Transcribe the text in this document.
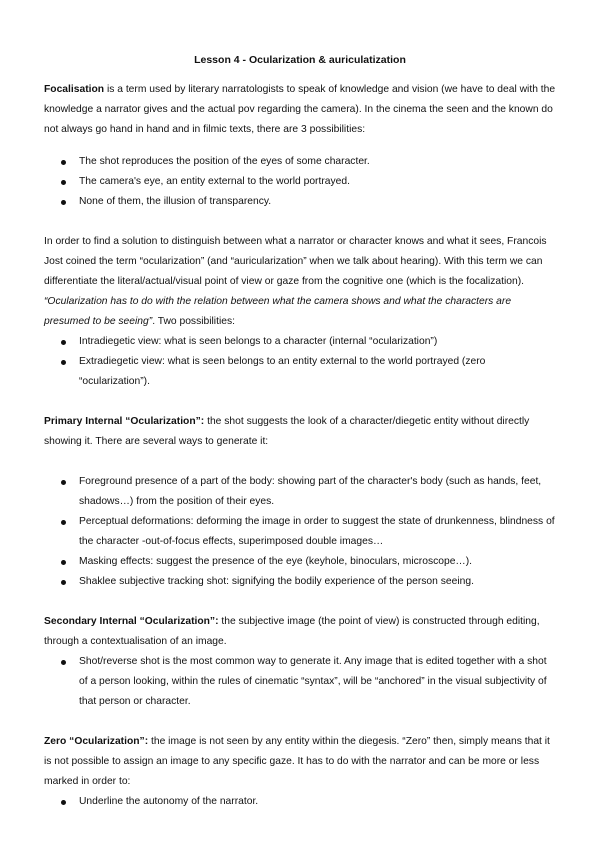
Lesson 4 - Ocularization & auriculatization

Focalisation is a term used by literary narratologists to speak of knowledge and vision (we have to deal with the knowledge a narrator gives and the actual pov regarding the camera). In the cinema the seen and the known do not always go hand in hand and in filmic texts, there are 3 possibilities:

The shot reproduces the position of the eyes of some character.
The camera's eye, an entity external to the world portrayed.
None of them, the illusion of transparency.

In order to find a solution to distinguish between what a narrator or character knows and what it sees, Francois Jost coined the term “ocularization” (and “auricularization” when we talk about hearing). With this term we can differentiate the literal/actual/visual point of view or gaze from the cognitive one (which is the focalization). “Ocularization has to do with the relation between what the camera shows and what the characters are presumed to be seeing”. Two possibilities:

Intradiegetic view: what is seen belongs to a character (internal “ocularization”)
Extradiegetic view: what is seen belongs to an entity external to the world portrayed (zero “ocularization”).

Primary Internal “Ocularization”: the shot suggests the look of a character/diegetic entity without directly showing it. There are several ways to generate it:

Foreground presence of a part of the body: showing part of the character's body (such as hands, feet, shadows…) from the position of their eyes.
Perceptual deformations: deforming the image in order to suggest the state of drunkenness, blindness of the character -out-of-focus effects, superimposed double images…
Masking effects: suggest the presence of the eye (keyhole, binoculars, microscope…).
Shaklee subjective tracking shot: signifying the bodily experience of the person seeing.

Secondary Internal “Ocularization”: the subjective image (the point of view) is constructed through editing, through a contextualisation of an image.

Shot/reverse shot is the most common way to generate it. Any image that is edited together with a shot of a person looking, within the rules of cinematic “syntax”, will be “anchored” in the visual subjectivity of that person or character.

Zero “Ocularization”: the image is not seen by any entity within the diegesis. “Zero” then, simply means that it is not possible to assign an image to any specific gaze. It has to do with the narrator and can be more or less marked in order to:

Underline the autonomy of the narrator.
